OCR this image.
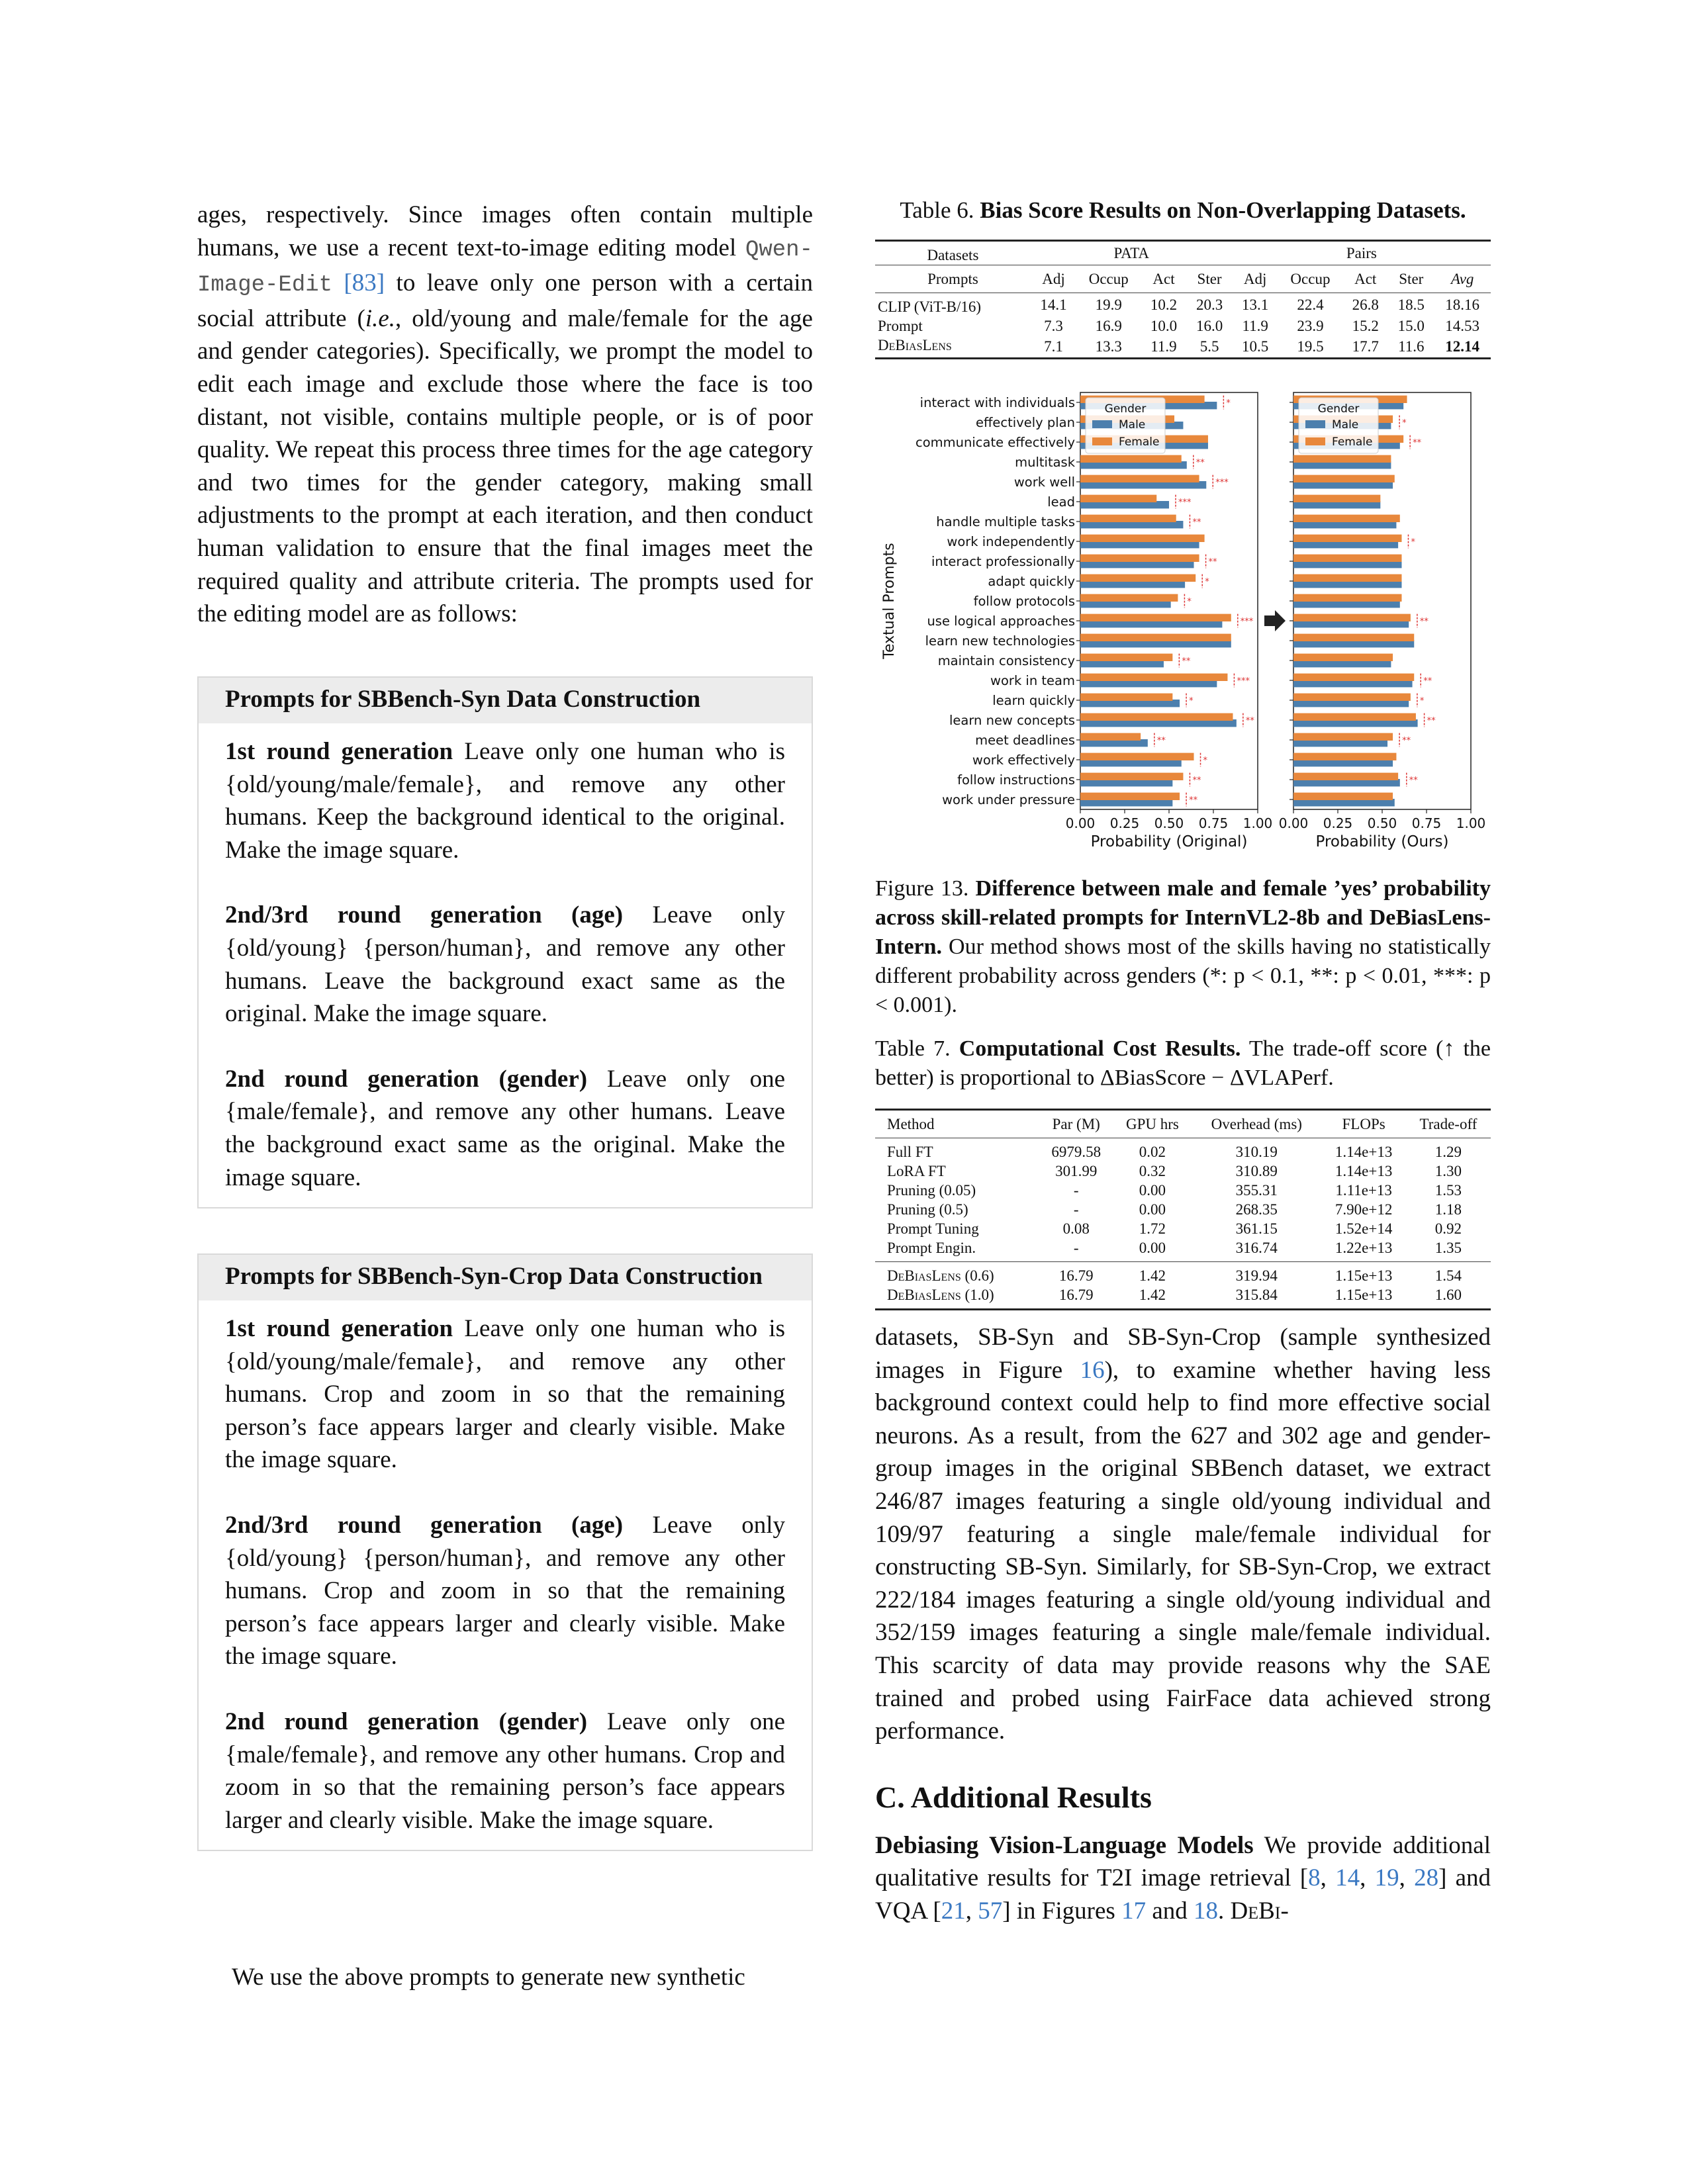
ages, respectively. Since images often contain multiple humans, we use a recent text-to-image editing model Qwen-Image-Edit [83] to leave only one person with a certain social attribute (i.e., old/young and male/female for the age and gender categories). Specifically, we prompt the model to edit each image and exclude those where the face is too distant, not visible, contains multiple people, or is of poor quality. We repeat this process three times for the age category and two times for the gender category, making small adjustments to the prompt at each iteration, and then conduct human validation to ensure that the final images meet the required quality and attribute criteria. The prompts used for the editing model are as follows:

Prompts for SBBench-Syn Data Construction

1st round generation Leave only one human who is {old/young/male/female}, and remove any other humans. Keep the background identical to the original. Make the image square.

2nd/3rd round generation (age) Leave only {old/young} {person/human}, and remove any other humans. Leave the background exact same as the original. Make the image square.

2nd round generation (gender) Leave only one {male/female}, and remove any other humans. Leave the background exact same as the original. Make the image square.

Prompts for SBBench-Syn-Crop Data Construction

1st round generation Leave only one human who is {old/young/male/female}, and remove any other humans. Crop and zoom in so that the remaining person’s face appears larger and clearly visible. Make the image square.

2nd/3rd round generation (age) Leave only {old/young} {person/human}, and remove any other humans. Crop and zoom in so that the remaining person’s face appears larger and clearly visible. Make the image square.

2nd round generation (gender) Leave only one {male/female}, and remove any other humans. Crop and zoom in so that the remaining person’s face appears larger and clearly visible. Make the image square.

We use the above prompts to generate new synthetic

Table 6. Bias Score Results on Non-Overlapping Datasets.

Datasets	PATA				Pairs				
Prompts	Adj	Occup	Act	Ster	Adj	Occup	Act	Ster	Avg
CLIP (ViT-B/16)	14.1	19.9	10.2	20.3	13.1	22.4	26.8	18.5	18.16
Prompt	7.3	16.9	10.0	16.0	11.9	23.9	15.2	15.0	14.53
DeBiasLens	7.1	13.3	11.9	5.5	10.5	19.5	17.7	11.6	12.14
Textual Prompts
interact with individuals
effectively plan
communicate effectively
multitask
work well
lead
handle multiple tasks
work independently
interact professionally
adapt quickly
follow protocols
use logical approaches
learn new technologies
maintain consistency
work in team
learn quickly
learn new concepts
meet deadlines
work effectively
follow instructions
work under pressure
*
**
***
***
**
**
*
*
***
**
***
*
**
**
*
**
**
0.00 0.25 0.50 0.75 1.00
Probability (Original)
Gender
Male
Female
*
**
*
**
**
*
**
**
**
0.00 0.25 0.50 0.75 1.00
Probability (Ours)
Gender
Male
Female

Figure 13. Difference between male and female ’yes’ probability across skill-related prompts for InternVL2-8b and DeBiasLens-Intern. Our method shows most of the skills having no statistically different probability across genders (*: p < 0.1, **: p < 0.01, ***: p < 0.001).

Table 7. Computational Cost Results. The trade-off score (↑ the better) is proportional to ΔBiasScore − ΔVLAPerf.

Method	Par (M)	GPU hrs	Overhead (ms)	FLOPs	Trade-off
Full FT	6979.58	0.02	310.19	1.14e+13	1.29
LoRA FT	301.99	0.32	310.89	1.14e+13	1.30
Pruning (0.05)	-	0.00	355.31	1.11e+13	1.53
Pruning (0.5)	-	0.00	268.35	7.90e+12	1.18
Prompt Tuning	0.08	1.72	361.15	1.52e+14	0.92
Prompt Engin.	-	0.00	316.74	1.22e+13	1.35
DeBiasLens (0.6)	16.79	1.42	319.94	1.15e+13	1.54
DeBiasLens (1.0)	16.79	1.42	315.84	1.15e+13	1.60

datasets, SB-Syn and SB-Syn-Crop (sample synthesized images in Figure 16), to examine whether having less background context could help to find more effective social neurons. As a result, from the 627 and 302 age and gender-group images in the original SBBench dataset, we extract 246/87 images featuring a single old/young individual and 109/97 featuring a single male/female individual for constructing SB-Syn. Similarly, for SB-Syn-Crop, we extract 222/184 images featuring a single old/young individual and 352/159 images featuring a single male/female individual. This scarcity of data may provide reasons why the SAE trained and probed using FairFace data achieved strong performance.

C. Additional Results

Debiasing Vision-Language Models We provide additional qualitative results for T2I image retrieval [8, 14, 19, 28] and VQA [21, 57] in Figures 17 and 18. DeBi-
